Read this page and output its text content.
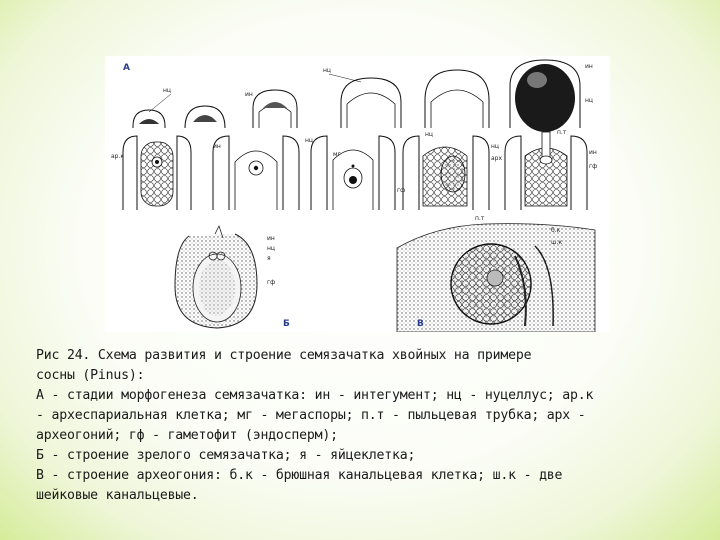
А
нц
ин
нц
ин
нц
ар.к
ин
нц
мг
нц
гф
нц
арх
п.т
ин
гф
ин
нц
я
гф
Б
п.т
б.к
ш.к
В
Рис 24. Схема развития и строение семязачатка хвойных на примере
сосны (Pinus):
А - стадии морфогенеза семязачатка: ин - интегумент; нц - нуцеллус; ар.к
- археспариальная клетка; мг - мегаспоры; п.т - пыльцевая трубка; арх -
археогоний; гф - гаметофит (эндосперм);
Б - строение зрелого семязачатка; я - яйцеклетка;
В - строение археогония: б.к - брюшная канальцевая клетка; ш.к - две
шейковые канальцевые.
